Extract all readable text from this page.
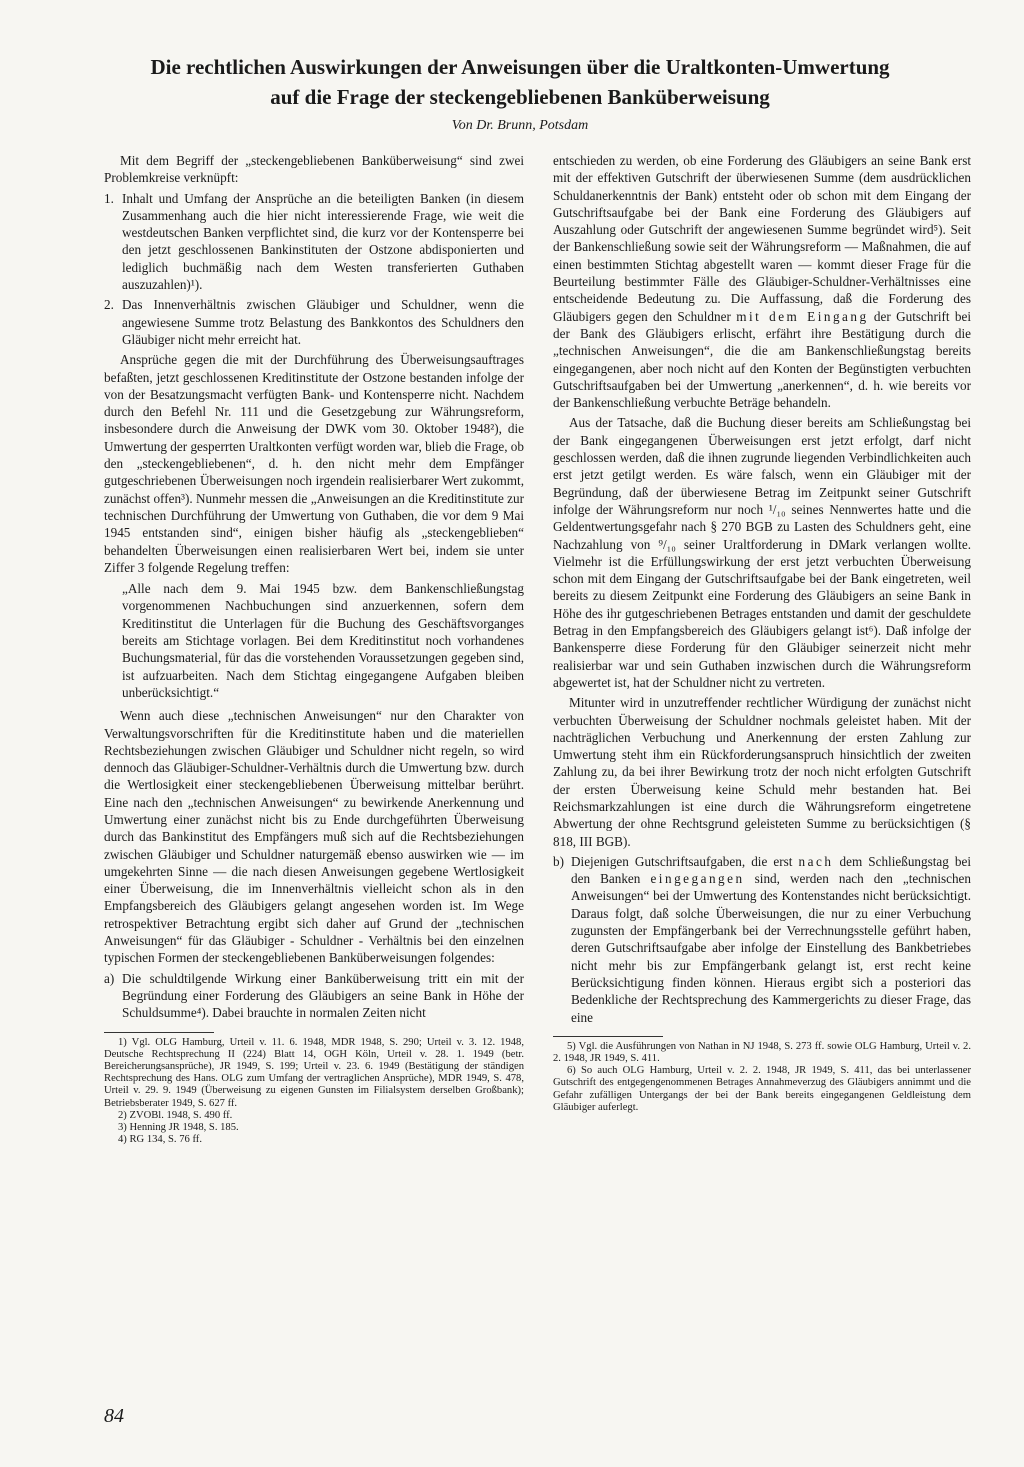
Die rechtlichen Auswirkungen der Anweisungen über die Uraltkonten-Umwertung
auf die Frage der steckengebliebenen Banküberweisung
Von Dr. Brunn, Potsdam

Mit dem Begriff der „steckengebliebenen Banküberweisung“ sind zwei Problemkreise verknüpft:

1. Inhalt und Umfang der Ansprüche an die beteiligten Banken (in diesem Zusammenhang auch die hier nicht interessierende Frage, wie weit die westdeutschen Banken verpflichtet sind, die kurz vor der Kontensperre bei den jetzt geschlossenen Bankinstituten der Ostzone abdisponierten und lediglich buchmäßig nach dem Westen transferierten Guthaben auszuzahlen)¹).
2. Das Innenverhältnis zwischen Gläubiger und Schuldner, wenn die angewiesene Summe trotz Belastung des Bankkontos des Schuldners den Gläubiger nicht mehr erreicht hat.

Ansprüche gegen die mit der Durchführung des Überweisungsauftrages befaßten, jetzt geschlossenen Kreditinstitute der Ostzone bestanden infolge der von der Besatzungsmacht verfügten Bank- und Kontensperre nicht. Nachdem durch den Befehl Nr. 111 und die Gesetzgebung zur Währungsreform, insbesondere durch die Anweisung der DWK vom 30. Oktober 1948²), die Umwertung der gesperrten Uraltkonten verfügt worden war, blieb die Frage, ob den „steckengebliebenen“, d. h. den nicht mehr dem Empfänger gutgeschriebenen Überweisungen noch irgendein realisierbarer Wert zukommt, zunächst offen³). Nunmehr messen die „Anweisungen an die Kreditinstitute zur technischen Durchführung der Umwertung von Guthaben, die vor dem 9 Mai 1945 entstanden sind“, einigen bisher häufig als „steckengeblieben“ behandelten Überweisungen einen realisierbaren Wert bei, indem sie unter Ziffer 3 folgende Regelung treffen:

„Alle nach dem 9. Mai 1945 bzw. dem Bankenschließungstag vorgenommenen Nachbuchungen sind anzuerkennen, sofern dem Kreditinstitut die Unterlagen für die Buchung des Geschäftsvorganges bereits am Stichtage vorlagen. Bei dem Kreditinstitut noch vorhandenes Buchungsmaterial, für das die vorstehenden Voraussetzungen gegeben sind, ist aufzuarbeiten. Nach dem Stichtag eingegangene Aufgaben bleiben unberücksichtigt.“

Wenn auch diese „technischen Anweisungen“ nur den Charakter von Verwaltungsvorschriften für die Kreditinstitute haben und die materiellen Rechtsbeziehungen zwischen Gläubiger und Schuldner nicht regeln, so wird dennoch das Gläubiger-Schuldner-Verhältnis durch die Umwertung bzw. durch die Wertlosigkeit einer steckengebliebenen Überweisung mittelbar berührt. Eine nach den „technischen Anweisungen“ zu bewirkende Anerkennung und Umwertung einer zunächst nicht bis zu Ende durchgeführten Überweisung durch das Bankinstitut des Empfängers muß sich auf die Rechtsbeziehungen zwischen Gläubiger und Schuldner naturgemäß ebenso auswirken wie — im umgekehrten Sinne — die nach diesen Anweisungen gegebene Wertlosigkeit einer Überweisung, die im Innenverhältnis vielleicht schon als in den Empfangsbereich des Gläubigers gelangt angesehen worden ist. Im Wege retrospektiver Betrachtung ergibt sich daher auf Grund der „technischen Anweisungen“ für das Gläubiger - Schuldner - Verhältnis bei den einzelnen typischen Formen der steckengebliebenen Banküberweisungen folgendes:

a) Die schuldtilgende Wirkung einer Banküberweisung tritt ein mit der Begründung einer Forderung des Gläubigers an seine Bank in Höhe der Schuldsumme⁴). Dabei brauchte in normalen Zeiten nicht

1) Vgl. OLG Hamburg, Urteil v. 11. 6. 1948, MDR 1948, S. 290; Urteil v. 3. 12. 1948, Deutsche Rechtsprechung II (224) Blatt 14, OGH Köln, Urteil v. 28. 1. 1949 (betr. Bereicherungsansprüche), JR 1949, S. 199; Urteil v. 23. 6. 1949 (Bestätigung der ständigen Rechtsprechung des Hans. OLG zum Umfang der vertraglichen Ansprüche), MDR 1949, S. 478, Urteil v. 29. 9. 1949 (Überweisung zu eigenen Gunsten im Filialsystem derselben Großbank); Betriebsberater 1949, S. 627 ff.

2) ZVOBl. 1948, S. 490 ff.

3) Henning JR 1948, S. 185.

4) RG 134, S. 76 ff.

entschieden zu werden, ob eine Forderung des Gläubigers an seine Bank erst mit der effektiven Gutschrift der überwiesenen Summe (dem ausdrücklichen Schuldanerkenntnis der Bank) entsteht oder ob schon mit dem Eingang der Gutschriftsaufgabe bei der Bank eine Forderung des Gläubigers auf Auszahlung oder Gutschrift der angewiesenen Summe begründet wird⁵). Seit der Bankenschließung sowie seit der Währungsreform — Maßnahmen, die auf einen bestimmten Stichtag abgestellt waren — kommt dieser Frage für die Beurteilung bestimmter Fälle des Gläubiger-Schuldner-Verhältnisses eine entscheidende Bedeutung zu. Die Auffassung, daß die Forderung des Gläubigers gegen den Schuldner mit dem Eingang der Gutschrift bei der Bank des Gläubigers erlischt, erfährt ihre Bestätigung durch die „technischen Anweisungen“, die die am Bankenschließungstag bereits eingegangenen, aber noch nicht auf den Konten der Begünstigten verbuchten Gutschriftsaufgaben bei der Umwertung „anerkennen“, d. h. wie bereits vor der Bankenschließung verbuchte Beträge behandeln.

Aus der Tatsache, daß die Buchung dieser bereits am Schließungstag bei der Bank eingegangenen Überweisungen erst jetzt erfolgt, darf nicht geschlossen werden, daß die ihnen zugrunde liegenden Verbindlichkeiten auch erst jetzt getilgt werden. Es wäre falsch, wenn ein Gläubiger mit der Begründung, daß der überwiesene Betrag im Zeitpunkt seiner Gutschrift infolge der Währungsreform nur noch ¹/₁₀ seines Nennwertes hatte und die Geldentwertungsgefahr nach § 270 BGB zu Lasten des Schuldners geht, eine Nachzahlung von ⁹/₁₀ seiner Uraltforderung in DMark verlangen wollte. Vielmehr ist die Erfüllungswirkung der erst jetzt verbuchten Überweisung schon mit dem Eingang der Gutschriftsaufgabe bei der Bank eingetreten, weil bereits zu diesem Zeitpunkt eine Forderung des Gläubigers an seine Bank in Höhe des ihr gutgeschriebenen Betrages entstanden und damit der geschuldete Betrag in den Empfangsbereich des Gläubigers gelangt ist⁶). Daß infolge der Bankensperre diese Forderung für den Gläubiger seinerzeit nicht mehr realisierbar war und sein Guthaben inzwischen durch die Währungsreform abgewertet ist, hat der Schuldner nicht zu vertreten.

Mitunter wird in unzutreffender rechtlicher Würdigung der zunächst nicht verbuchten Überweisung der Schuldner nochmals geleistet haben. Mit der nachträglichen Verbuchung und Anerkennung der ersten Zahlung zur Umwertung steht ihm ein Rückforderungsanspruch hinsichtlich der zweiten Zahlung zu, da bei ihrer Bewirkung trotz der noch nicht erfolgten Gutschrift der ersten Überweisung keine Schuld mehr bestanden hat. Bei Reichsmarkzahlungen ist eine durch die Währungsreform eingetretene Abwertung der ohne Rechtsgrund geleisteten Summe zu berücksichtigen (§ 818, III BGB).

b) Diejenigen Gutschriftsaufgaben, die erst nach dem Schließungstag bei den Banken eingegangen sind, werden nach den „technischen Anweisungen“ bei der Umwertung des Kontenstandes nicht berücksichtigt. Daraus folgt, daß solche Überweisungen, die nur zu einer Verbuchung zugunsten der Empfängerbank bei der Verrechnungsstelle geführt haben, deren Gutschriftsaufgabe aber infolge der Einstellung des Bankbetriebes nicht mehr bis zur Empfängerbank gelangt ist, erst recht keine Berücksichtigung finden können. Hieraus ergibt sich a posteriori das Bedenkliche der Rechtsprechung des Kammergerichts zu dieser Frage, das eine

5) Vgl. die Ausführungen von Nathan in NJ 1948, S. 273 ff. sowie OLG Hamburg, Urteil v. 2. 2. 1948, JR 1949, S. 411.

6) So auch OLG Hamburg, Urteil v. 2. 2. 1948, JR 1949, S. 411, das bei unterlassener Gutschrift des entgegengenommenen Betrages Annahmeverzug des Gläubigers annimmt und die Gefahr zufälligen Untergangs der bei der Bank bereits eingegangenen Geldleistung dem Gläubiger auferlegt.

84
